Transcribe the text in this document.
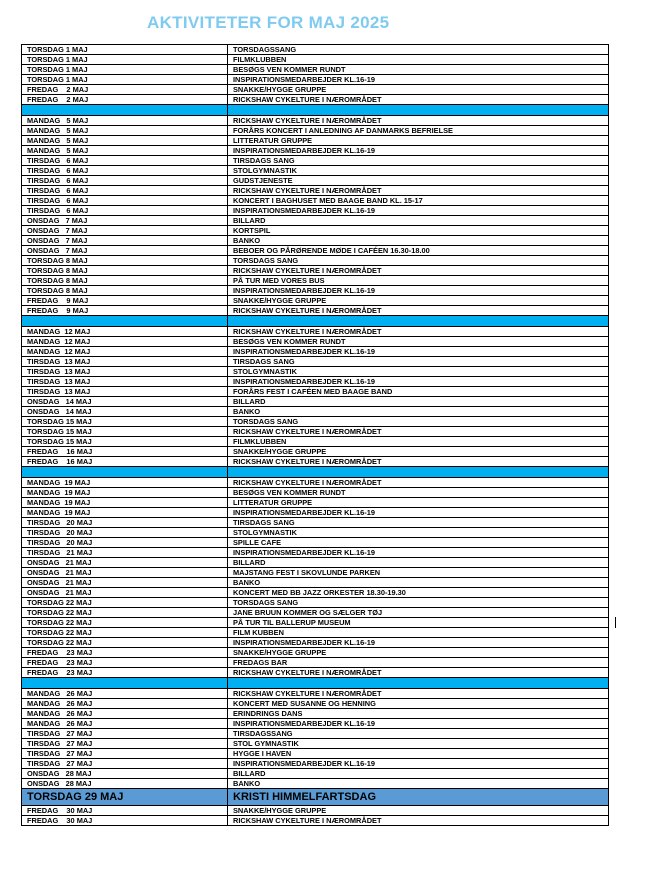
AKTIVITETER FOR MAJ 2025
TORSDAG 1 MAJ	TORSDAGSSANG
TORSDAG 1 MAJ	FILMKLUBBEN
TORSDAG 1 MAJ	BESØGS VEN KOMMER RUNDT
TORSDAG 1 MAJ	INSPIRATIONSMEDARBEJDER KL.16-19
FREDAG    2 MAJ	SNAKKE/HYGGE GRUPPE
FREDAG    2 MAJ	RICKSHAW CYKELTURE I NÆROMRÅDET

MANDAG   5 MAJ	RICKSHAW CYKELTURE I NÆROMRÅDET
MANDAG   5 MAJ	FORÅRS KONCERT I ANLEDNING AF DANMARKS BEFRIELSE
MANDAG   5 MAJ	LITTERATUR GRUPPE
MANDAG   5 MAJ	INSPIRATIONSMEDARBEJDER KL.16-19
TIRSDAG   6 MAJ	TIRSDAGS SANG
TIRSDAG   6 MAJ	STOLGYMNASTIK
TIRSDAG   6 MAJ	GUDSTJENESTE
TIRSDAG   6 MAJ	RICKSHAW CYKELTURE I NÆROMRÅDET
TIRSDAG   6 MAJ	KONCERT I BAGHUSET MED BAAGE BAND KL. 15-17
TIRSDAG   6 MAJ	INSPIRATIONSMEDARBEJDER KL.16-19
ONSDAG   7 MAJ	BILLARD
ONSDAG   7 MAJ	KORTSPIL
ONSDAG   7 MAJ	BANKO
ONSDAG   7 MAJ	BEBOER OG PÅRØRENDE MØDE I CAFÉEN 16.30-18.00
TORSDAG 8 MAJ	TORSDAGS SANG
TORSDAG 8 MAJ	RICKSHAW CYKELTURE I NÆROMRÅDET
TORSDAG 8 MAJ	PÅ TUR MED VORES BUS
TORSDAG 8 MAJ	INSPIRATIONSMEDARBEJDER KL.16-19
FREDAG    9 MAJ	SNAKKE/HYGGE GRUPPE
FREDAG    9 MAJ	RICKSHAW CYKELTURE I NÆROMRÅDET

MANDAG  12 MAJ	RICKSHAW CYKELTURE I NÆROMRÅDET
MANDAG  12 MAJ	BESØGS VEN KOMMER RUNDT
MANDAG  12 MAJ	INSPIRATIONSMEDARBEJDER KL.16-19
TIRSDAG  13 MAJ	TIRSDAGS SANG
TIRSDAG  13 MAJ	STOLGYMNASTIK
TIRSDAG  13 MAJ	INSPIRATIONSMEDARBEJDER KL.16-19
TIRSDAG  13 MAJ	FORÅRS FEST I CAFÉEN MED BAAGE BAND
ONSDAG   14 MAJ	BILLARD
ONSDAG   14 MAJ	BANKO
TORSDAG 15 MAJ	TORSDAGS SANG
TORSDAG 15 MAJ	RICKSHAW CYKELTURE I NÆROMRÅDET
TORSDAG 15 MAJ	FILMKLUBBEN
FREDAG    16 MAJ	SNAKKE/HYGGE GRUPPE
FREDAG    16 MAJ	RICKSHAW CYKELTURE I NÆROMRÅDET

MANDAG  19 MAJ	RICKSHAW CYKELTURE I NÆROMRÅDET
MANDAG  19 MAJ	BESØGS VEN KOMMER RUNDT
MANDAG  19 MAJ	LITTERATUR GRUPPE
MANDAG  19 MAJ	INSPIRATIONSMEDARBEJDER KL.16-19
TIRSDAG   20 MAJ	TIRSDAGS SANG
TIRSDAG   20 MAJ	STOLGYMNASTIK
TIRSDAG   20 MAJ	SPILLE CAFE
TIRSDAG   21 MAJ	INSPIRATIONSMEDARBEJDER KL.16-19
ONSDAG   21 MAJ	BILLARD
ONSDAG   21 MAJ	MAJSTANG FEST I SKOVLUNDE PARKEN
ONSDAG   21 MAJ	BANKO
ONSDAG   21 MAJ	KONCERT MED BB JAZZ ORKESTER 18.30-19.30
TORSDAG 22 MAJ	TORSDAGS SANG
TORSDAG 22 MAJ	JANE BRUUN KOMMER OG SÆLGER TØJ
TORSDAG 22 MAJ	PÅ TUR TIL BALLERUP MUSEUM
TORSDAG 22 MAJ	FILM KUBBEN
TORSDAG 22 MAJ	INSPIRATIONSMEDARBEJDER KL.16-19
FREDAG    23 MAJ	SNAKKE/HYGGE GRUPPE
FREDAG    23 MAJ	FREDAGS BAR
FREDAG    23 MAJ	RICKSHAW CYKELTURE I NÆROMRÅDET

MANDAG   26 MAJ	RICKSHAW CYKELTURE I NÆROMRÅDET
MANDAG   26 MAJ	KONCERT MED SUSANNE OG HENNING
MANDAG   26 MAJ	ERINDRINGS DANS
MANDAG   26 MAJ	INSPIRATIONSMEDARBEJDER KL.16-19
TIRSDAG   27 MAJ	TIRSDAGSSANG
TIRSDAG   27 MAJ	STOL GYMNASTIK
TIRSDAG   27 MAJ	HYGGE I HAVEN
TIRSDAG   27 MAJ	INSPIRATIONSMEDARBEJDER KL.16-19
ONSDAG   28 MAJ	BILLARD
ONSDAG   28 MAJ	BANKO
TORSDAG 29 MAJ	KRISTI HIMMELFARTSDAG
FREDAG    30 MAJ	SNAKKE/HYGGE GRUPPE
FREDAG    30 MAJ	RICKSHAW CYKELTURE I NÆROMRÅDET
